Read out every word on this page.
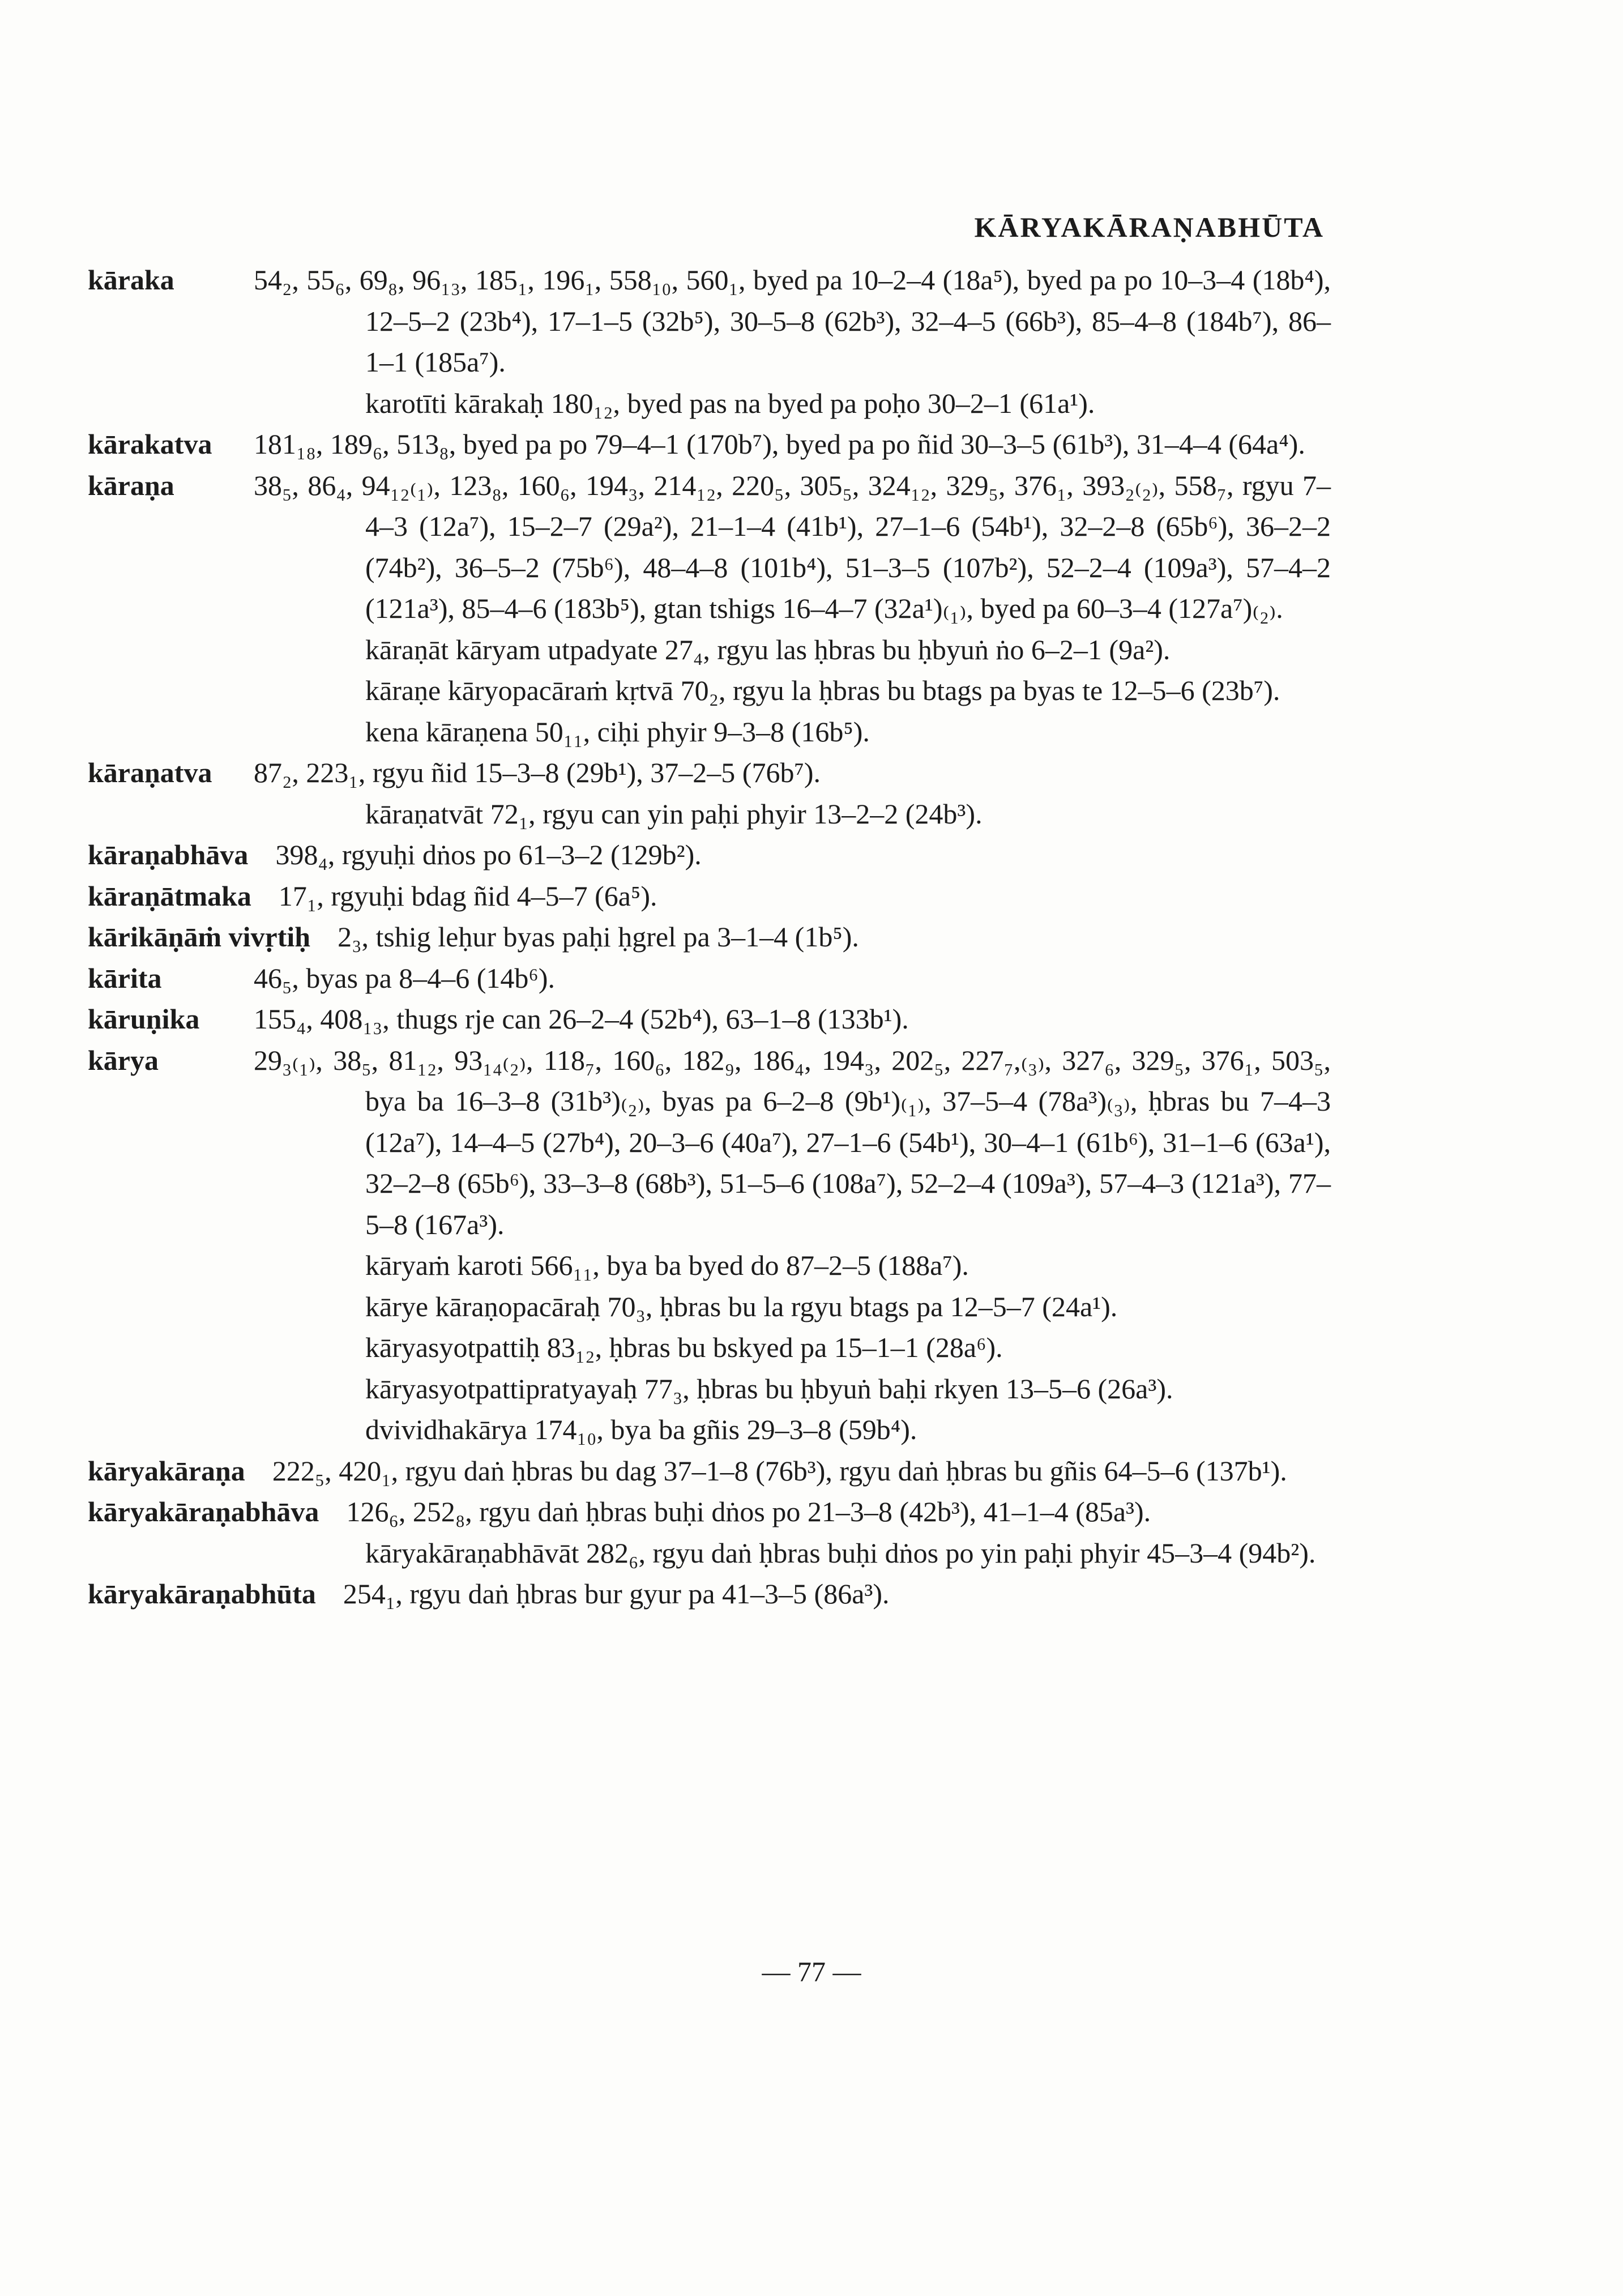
KĀRYAKĀRAṆABHŪTA
kāraka	54₂, 55₆, 69₈, 96₁₃, 185₁, 196₁, 558₁₀, 560₁, byed pa 10–2–4 (18a⁵), byed pa po 10–3–4 (18b⁴), 12–5–2 (23b⁴), 17–1–5 (32b⁵), 30–5–8 (62b³), 32–4–5 (66b³), 85–4–8 (184b⁷), 86–1–1 (185a⁷).
karotīti kārakaḥ 180₁₂, byed pas na byed pa poḥo 30–2–1 (61a¹).
kārakatva 181₁₈, 189₆, 513₈, byed pa po 79–4–1 (170b⁷), byed pa po ñid 30–3–5 (61b³), 31–4–4 (64a⁴).
kāraṇa	38₅, 86₄, 94₁₂₍₁₎, 123₈, 160₆, 194₃, 214₁₂, 220₅, 305₅, 324₁₂, 329₅, 376₁, 393₂₍₂₎, 558₇, rgyu 7–4–3 (12a⁷), 15–2–7 (29a²), 21–1–4 (41b¹), 27–1–6 (54b¹), 32–2–8 (65b⁶), 36–2–2 (74b²), 36–5–2 (75b⁶), 48–4–8 (101b⁴), 51–3–5 (107b²), 52–2–4 (109a³), 57–4–2 (121a³), 85–4–6 (183b⁵), gtan tshigs 16–4–7 (32a¹)₍₁₎, byed pa 60–3–4 (127a⁷)₍₂₎.
kāraṇāt kāryam utpadyate 27₄, rgyu las ḥbras bu ḥbyuṅ ṅo 6–2–1 (9a²).
kāraṇe kāryopacāraṁ kṛtvā 70₂, rgyu la ḥbras bu btags pa byas te 12–5–6 (23b⁷).
kena kāraṇena 50₁₁, ciḥi phyir 9–3–8 (16b⁵).
kāraṇatva 87₂, 223₁, rgyu ñid 15–3–8 (29b¹), 37–2–5 (76b⁷).
kāraṇatvāt 72₁, rgyu can yin paḥi phyir 13–2–2 (24b³).
kāraṇabhāva 398₄, rgyuḥi dṅos po 61–3–2 (129b²).
kāraṇātmaka 17₁, rgyuḥi bdag ñid 4–5–7 (6a⁵).
kārikāṇāṁ vivṛtiḥ 2₃, tshig leḥur byas paḥi ḥgrel pa 3–1–4 (1b⁵).
kārita	46₅, byas pa 8–4–6 (14b⁶).
kāruṇika 155₄, 408₁₃, thugs rje can 26–2–4 (52b⁴), 63–1–8 (133b¹).
kārya	29₃₍₁₎, 38₅, 81₁₂, 93₁₄₍₂₎, 118₇, 160₆, 182₉, 186₄, 194₃, 202₅, 227₇,₍₃₎, 327₆, 329₅, 376₁, 503₅, bya ba 16–3–8 (31b³)₍₂₎, byas pa 6–2–8 (9b¹)₍₁₎, 37–5–4 (78a³)₍₃₎, ḥbras bu 7–4–3 (12a⁷), 14–4–5 (27b⁴), 20–3–6 (40a⁷), 27–1–6 (54b¹), 30–4–1 (61b⁶), 31–1–6 (63a¹), 32–2–8 (65b⁶), 33–3–8 (68b³), 51–5–6 (108a⁷), 52–2–4 (109a³), 57–4–3 (121a³), 77–5–8 (167a³).
kāryaṁ karoti 566₁₁, bya ba byed do 87–2–5 (188a⁷).
kārye kāraṇopacāraḥ 70₃, ḥbras bu la rgyu btags pa 12–5–7 (24a¹).
kāryasyotpattiḥ 83₁₂, ḥbras bu bskyed pa 15–1–1 (28a⁶).
kāryasyotpattipratyayaḥ 77₃, ḥbras bu ḥbyuṅ baḥi rkyen 13–5–6 (26a³).
dvividhakārya 174₁₀, bya ba gñis 29–3–8 (59b⁴).
kāryakāraṇa 222₅, 420₁, rgyu daṅ ḥbras bu dag 37–1–8 (76b³), rgyu daṅ ḥbras bu gñis 64–5–6 (137b¹).
kāryakāraṇabhāva 126₆, 252₈, rgyu daṅ ḥbras buḥi dṅos po 21–3–8 (42b³), 41–1–4 (85a³).
kāryakāraṇabhāvāt 282₆, rgyu daṅ ḥbras buḥi dṅos po yin paḥi phyir 45–3–4 (94b²).
kāryakāraṇabhūta 254₁, rgyu daṅ ḥbras bur gyur pa 41–3–5 (86a³).
— 77 —
